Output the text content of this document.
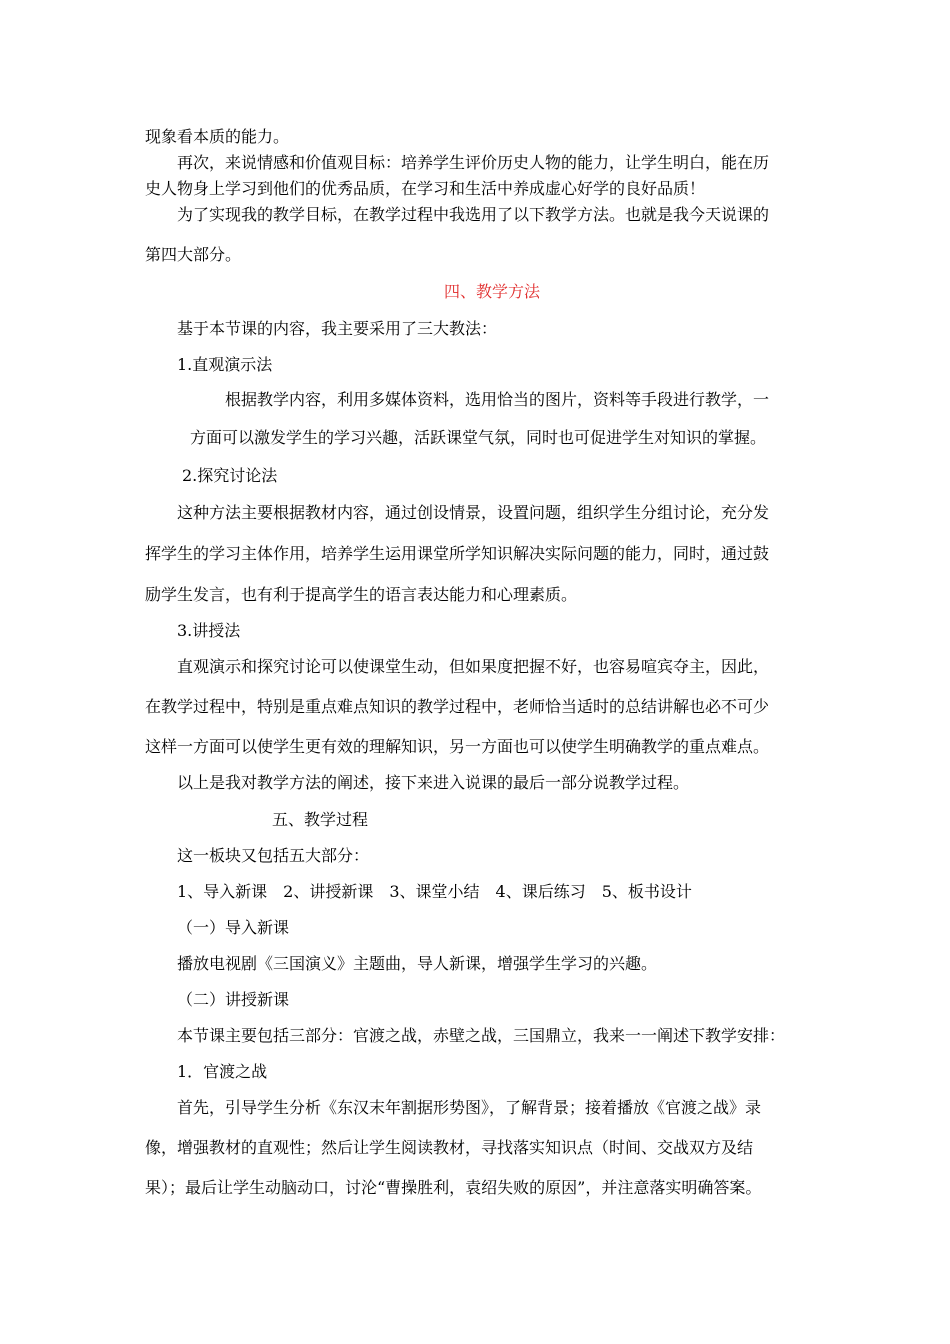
现象看本质的能力。
再次，来说情感和价值观目标：培养学生评价历史人物的能力，让学生明白，能在历
史人物身上学习到他们的优秀品质，在学习和生活中养成虚心好学的良好品质！
为了实现我的教学目标，在教学过程中我选用了以下教学方法。也就是我今天说课的
第四大部分。
四、教学方法
基于本节课的内容，我主要采用了三大教法：
1.直观演示法
根据教学内容，利用多媒体资料，选用恰当的图片，资料等手段进行教学，一
方面可以激发学生的学习兴趣，活跃课堂气氛，同时也可促进学生对知识的掌握。
2.探究讨论法
这种方法主要根据教材内容，通过创设情景，设置问题，组织学生分组讨论，充分发
挥学生的学习主体作用，培养学生运用课堂所学知识解决实际问题的能力，同时，通过鼓
励学生发言，也有利于提高学生的语言表达能力和心理素质。
3.讲授法
直观演示和探究讨论可以使课堂生动，但如果度把握不好，也容易喧宾夺主，因此，
在教学过程中，特别是重点难点知识的教学过程中，老师恰当适时的总结讲解也必不可少
这样一方面可以使学生更有效的理解知识，另一方面也可以使学生明确教学的重点难点。
以上是我对教学方法的阐述，接下来进入说课的最后一部分说教学过程。
五、教学过程
这一板块又包括五大部分：
1、导入新课　2、讲授新课　3、课堂小结　4、课后练习　5、板书设计
（一）导入新课
播放电视剧《三国演义》主题曲，导人新课，增强学生学习的兴趣。
（二）讲授新课
本节课主要包括三部分：官渡之战，赤壁之战，三国鼎立，我来一一阐述下教学安排：
1．官渡之战
首先，引导学生分析《东汉末年割据形势图》，了解背景；接着播放《官渡之战》录
像，增强教材的直观性；然后让学生阅读教材，寻找落实知识点（时间、交战双方及结
果）；最后让学生动脑动口，讨沦“曹操胜利，袁绍失败的原因”，并注意落实明确答案。
